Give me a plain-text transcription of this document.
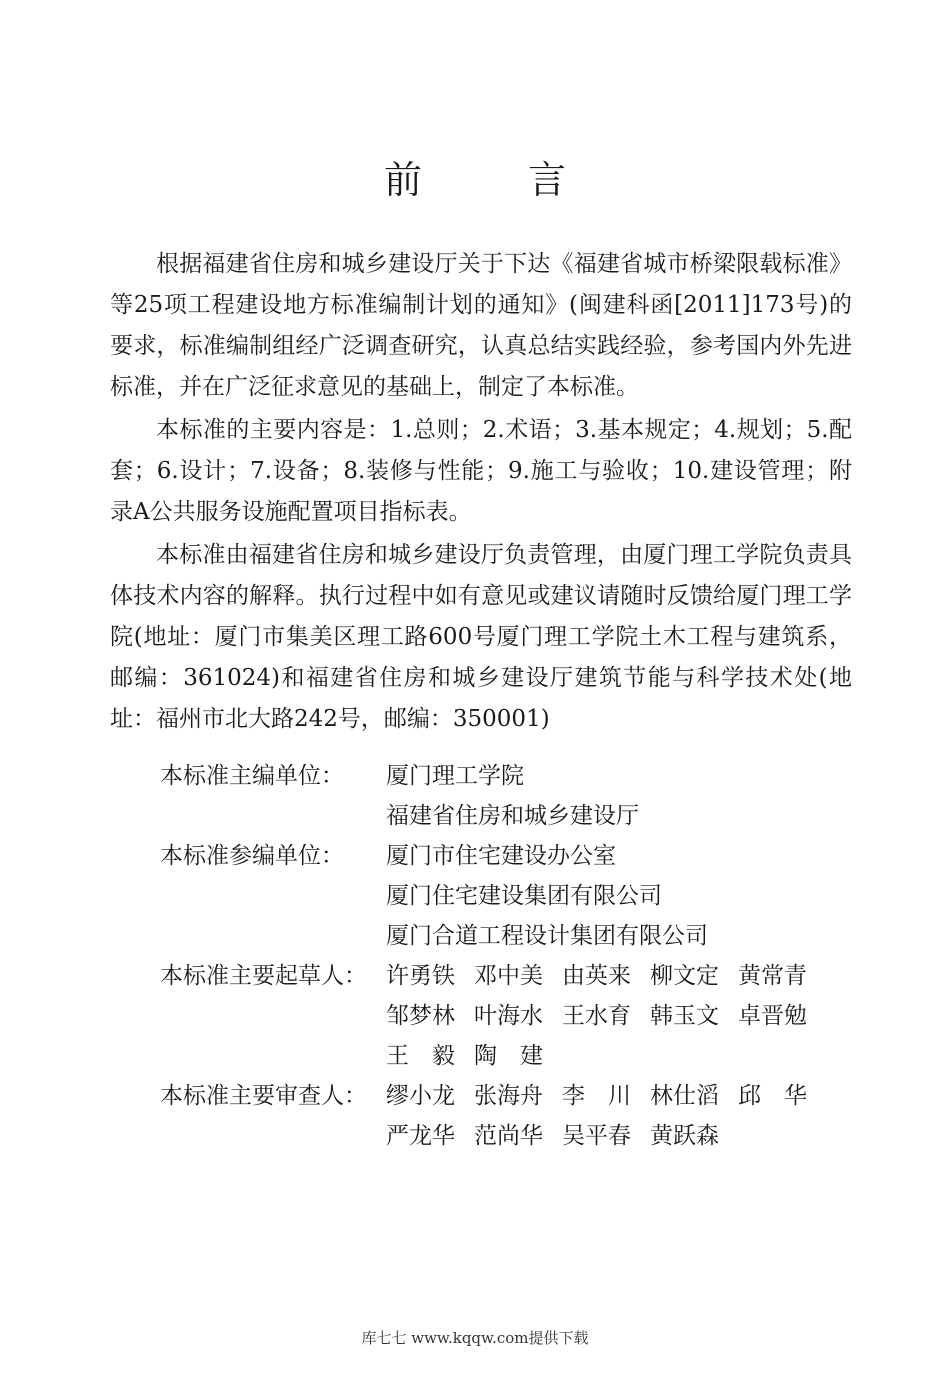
前　言

根据福建省住房和城乡建设厅关于下达《福建省城市桥梁限载标准》等25项工程建设地方标准编制计划的通知》(闽建科函[2011]173号)的要求，标准编制组经广泛调查研究，认真总结实践经验，参考国内外先进标准，并在广泛征求意见的基础上，制定了本标准。

本标准的主要内容是：1.总则；2.术语；3.基本规定；4.规划；5.配套；6.设计；7.设备；8.装修与性能；9.施工与验收；10.建设管理；附录A公共服务设施配置项目指标表。

本标准由福建省住房和城乡建设厅负责管理，由厦门理工学院负责具体技术内容的解释。执行过程中如有意见或建议请随时反馈给厦门理工学院(地址：厦门市集美区理工路600号厦门理工学院土木工程与建筑系，邮编：361024)和福建省住房和城乡建设厅建筑节能与科学技术处(地址：福州市北大路242号，邮编：350001)

本标准主编单位：	厦门理工学院
福建省住房和城乡建设厅
本标准参编单位：	厦门市住宅建设办公室
厦门住宅建设集团有限公司
厦门合道工程设计集团有限公司
本标准主要起草人： 许勇铁 邓中美 由英来 柳文定 黄常青
邹梦林 叶海水 王水育 韩玉文 卓晋勉
王　毅 陶　建
本标准主要审查人： 缪小龙 张海舟 李　川 林仕滔 邱　华
严龙华 范尚华 吴平春 黄跃森
库七七 www.kqqw.com提供下载
